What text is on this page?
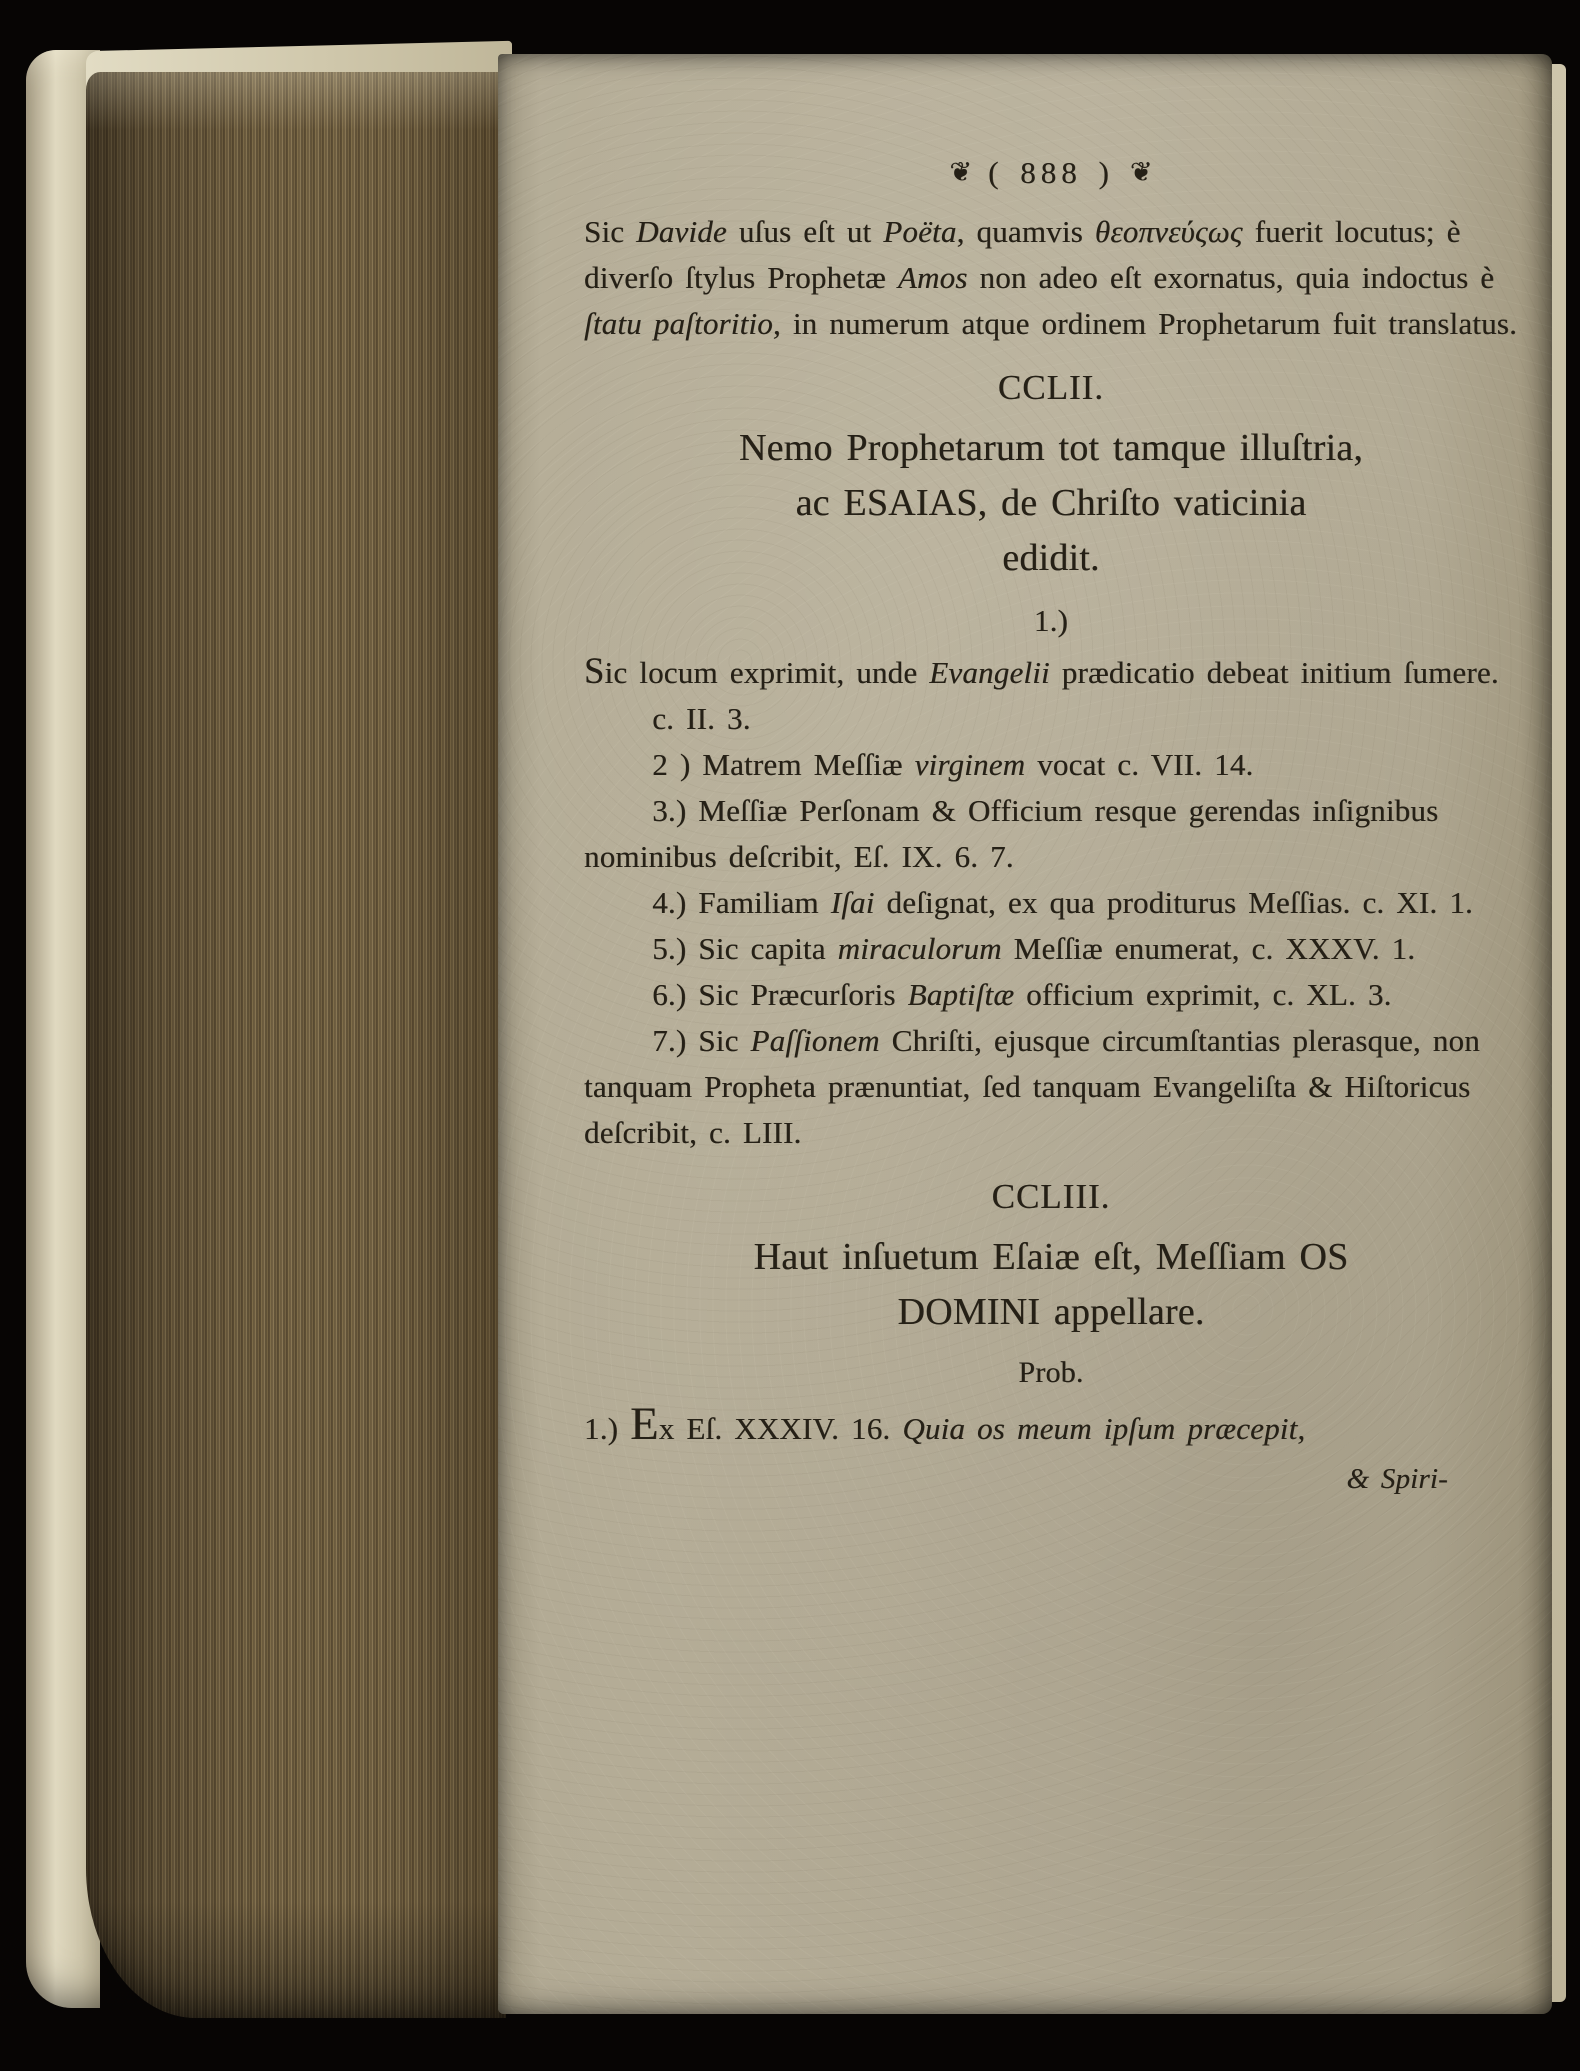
❦ ( 888 ) ❦

Sic Davide uſus eſt ut Poëta, quamvis θεοπνεύςως fuerit locutus; è diverſo ſtylus Prophetæ Amos non adeo eſt exornatus, quia indoctus è ſtatu paſtoritio, in numerum atque ordinem Prophetarum fuit translatus.

CCLII.
Nemo Prophetarum tot tamque illuſtria,
ac ESAIAS, de Chriſto vaticinia
edidit.
1.)

Sic locum exprimit, unde Evangelii prædicatio debeat initium ſumere. c. II. 3.

2 ) Matrem Meſſiæ virginem vocat c. VII. 14.

3.) Meſſiæ Perſonam & Officium resque gerendas inſignibus nominibus deſcribit, Eſ. IX. 6. 7.

4.) Familiam Iſai deſignat, ex qua proditurus Meſſias. c. XI. 1.

5.) Sic capita miraculorum Meſſiæ enumerat, c. XXXV. 1.

6.) Sic Præcurſoris Baptiſtæ officium exprimit, c. XL. 3.

7.) Sic Paſſionem Chriſti, ejusque circumſtantias plerasque, non tanquam Propheta prænuntiat, ſed tanquam Evangeliſta & Hiſtoricus deſcribit, c. LIII.

CCLIII.
Haut inſuetum Eſaiæ eſt, Meſſiam OS
DOMINI appellare.
Prob.

1.) Ex Eſ. XXXIV. 16. Quia os meum ipſum præcepit,

& Spiri-
